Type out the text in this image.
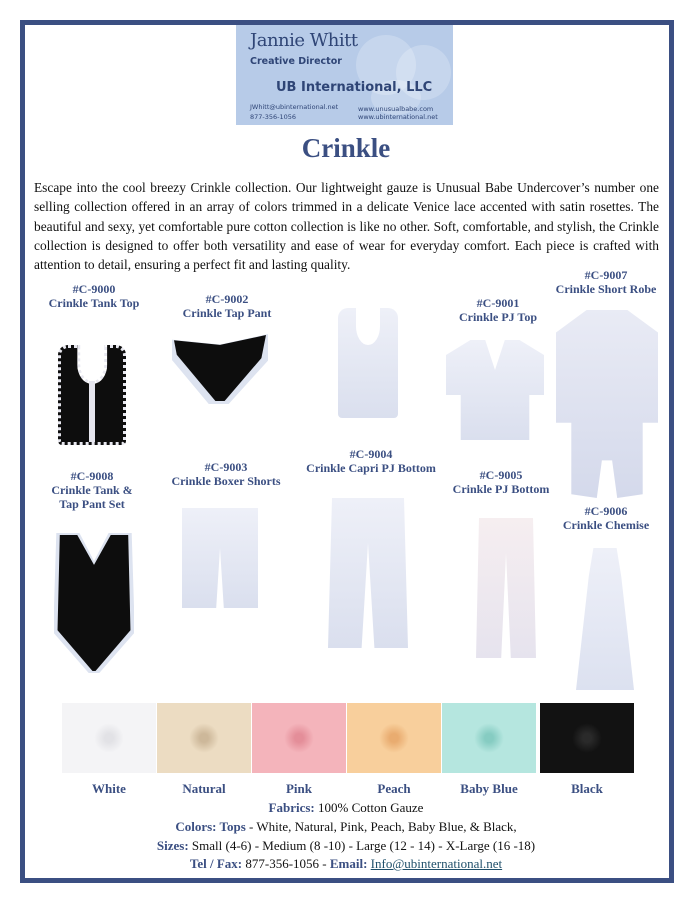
Jannie Whitt
Creative Director
UB International, LLC
JWhitt@ubinternational.net
877-356-1056
www.unusualbabe.com
www.ubinternational.net
Crinkle

Escape into the cool breezy Crinkle collection. Our lightweight gauze is Unusual Babe Undercover’s number one selling collection offered in an array of colors trimmed in a delicate Venice lace accented with satin rosettes. The beautiful and sexy, yet comfortable pure cotton collection is like no other. Soft, comfortable, and stylish, the Crinkle collection is designed to offer both versatility and ease of wear for everyday comfort. Each piece is crafted with attention to detail, ensuring a perfect fit and lasting quality.

#C-9000
Crinkle Tank Top	#C-9002
Crinkle Tap Pant
#C-9001
Crinkle PJ Top
#C-9007
Crinkle Short Robe
#C-9008
Crinkle Tank &
Tap Pant Set
#C-9003
Crinkle Boxer Shorts
#C-9004
Crinkle Capri PJ Bottom	#C-9005
Crinkle PJ Bottom
#C-9006
Crinkle Chemise
White	Natural	Pink	Peach	Baby Blue	Black
Fabrics: 100% Cotton Gauze
Colors: Tops - White, Natural, Pink, Peach, Baby Blue, & Black,
Sizes: Small (4-6) - Medium (8 -10) - Large (12 - 14) - X-Large (16 -18)
Tel / Fax: 877-356-1056 - Email: Info@ubinternational.net
